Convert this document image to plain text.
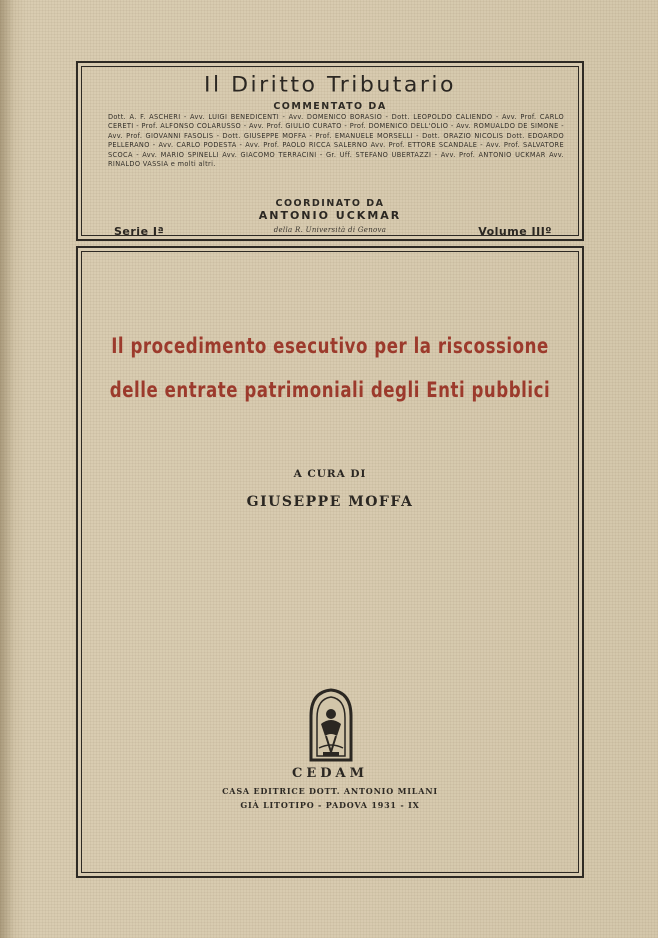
Il Diritto Tributario
COMMENTATO DA
Dott. A. F. ASCHERI - Avv. LUIGI BENEDICENTI - Avv. DOMENICO BORASIO - Dott. LEOPOLDO CALIENDO - Avv. Prof. CARLO CERETI - Prof. ALFONSO COLARUSSO - Avv. Prof. GIULIO CURATO - Prof. DOMENICO DELL'OLIO - Avv. ROMUALDO DE SIMONE - Avv. Prof. GIOVANNI FASOLIS - Dott. GIUSEPPE MOFFA - Prof. EMANUELE MORSELLI - Dott. ORAZIO NICOLIS Dott. EDOARDO PELLERANO - Avv. CARLO PODESTA - Avv. Prof. PAOLO RICCA SALERNO Avv. Prof. ETTORE SCANDALE - Avv. Prof. SALVATORE SCOCA - Avv. MARIO SPINELLI Avv. GIACOMO TERRACINI - Gr. Uff. STEFANO UBERTAZZI - Avv. Prof. ANTONIO UCKMAR Avv. RINALDO VASSIA e molti altri.
COORDINATO DA
ANTONIO UCKMAR
Serie Iª	della R. Università di Genova	Volume IIIº
Il procedimento esecutivo per la riscossione
delle entrate patrimoniali degli Enti pubblici
A CURA DI
GIUSEPPE MOFFA
CEDAM
CASA EDITRICE DOTT. ANTONIO MILANI
GIÀ LITOTIPO - PADOVA 1931 - IX
